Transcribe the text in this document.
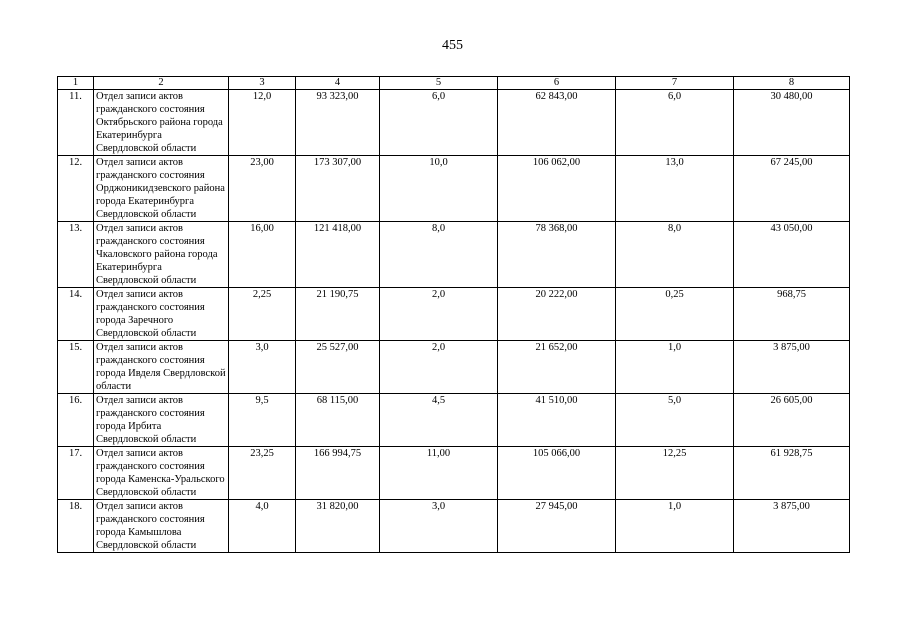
455
1	2	3	4	5	6	7	8
11.	Отдел записи актов гражданского состояния Октябрьского района города Екатеринбурга Свердловской области	12,0	93 323,00	6,0	62 843,00	6,0	30 480,00
12.	Отдел записи актов гражданского состояния Орджоникидзевского района города Екатеринбурга Свердловской области	23,00	173 307,00	10,0	106 062,00	13,0	67 245,00
13.	Отдел записи актов гражданского состояния Чкаловского района города Екатеринбурга Свердловской области	16,00	121 418,00	8,0	78 368,00	8,0	43 050,00
14.	Отдел записи актов гражданского состояния города Заречного Свердловской области	2,25	21 190,75	2,0	20 222,00	0,25	968,75
15.	Отдел записи актов гражданского состояния города Ивделя Свердловской области	3,0	25 527,00	2,0	21 652,00	1,0	3 875,00
16.	Отдел записи актов гражданского состояния города Ирбита Свердловской области	9,5	68 115,00	4,5	41 510,00	5,0	26 605,00
17.	Отдел записи актов гражданского состояния города Каменска-Уральского Свердловской области	23,25	166 994,75	11,00	105 066,00	12,25	61 928,75
18.	Отдел записи актов гражданского состояния города Камышлова Свердловской области	4,0	31 820,00	3,0	27 945,00	1,0	3 875,00
